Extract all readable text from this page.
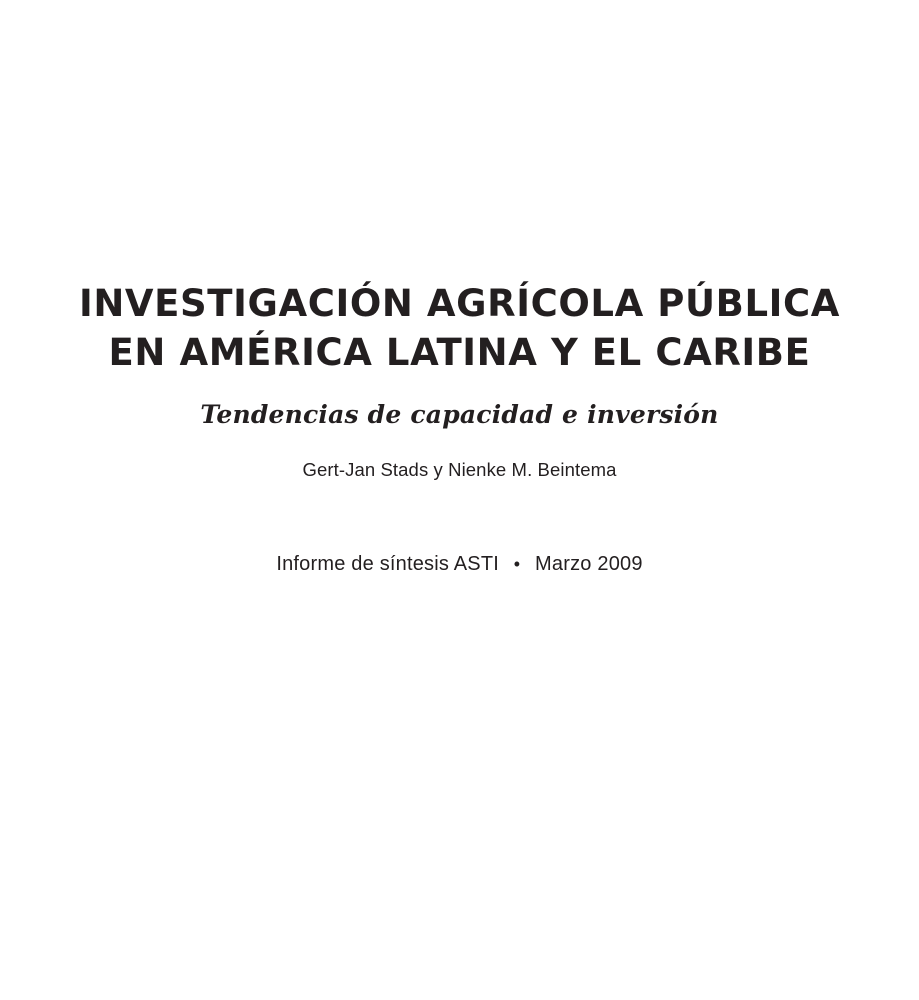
INVESTIGACIÓN AGRÍCOLA PÚBLICA
EN AMÉRICA LATINA Y EL CARIBE
Tendencias de capacidad e inversión
Gert-Jan Stads y Nienke M. Beintema
Informe de síntesis ASTI • Marzo 2009
